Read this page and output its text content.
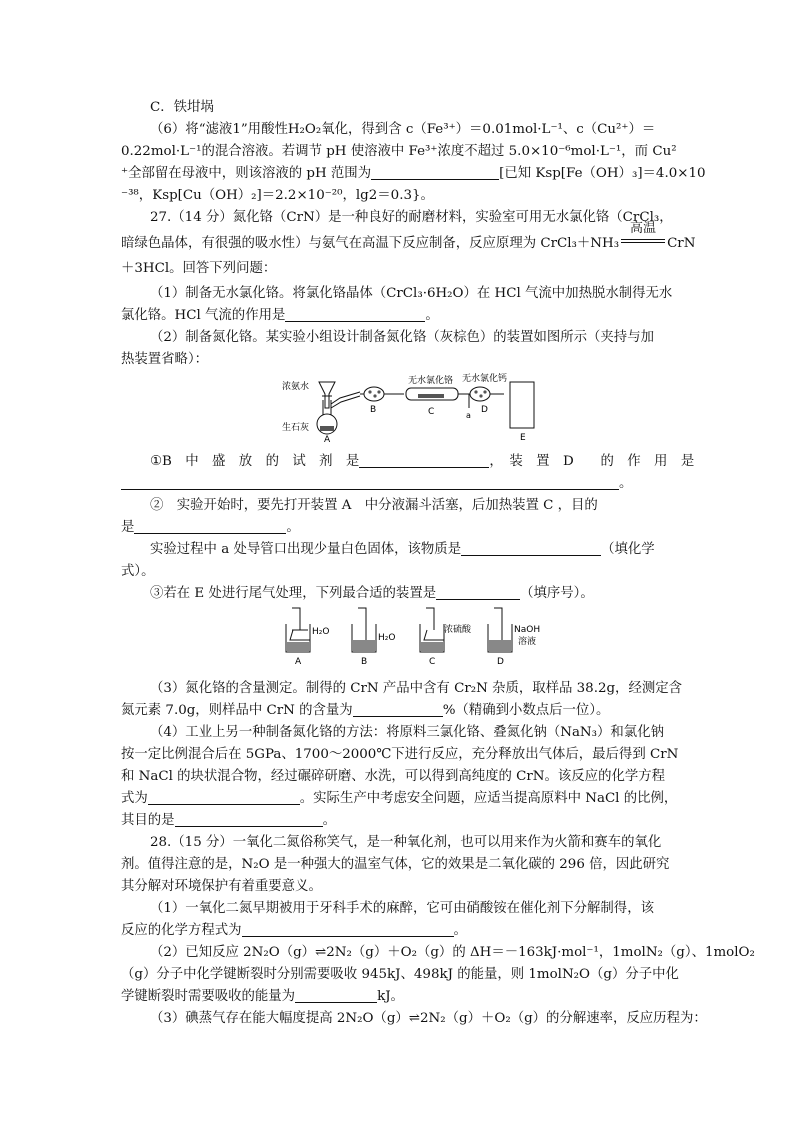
C．铁坩埚
（6）将“滤液1”用酸性H₂O₂氧化，得到含 c（Fe³⁺）＝0.01mol·L⁻¹、c（Cu²⁺）＝
0.22mol·L⁻¹的混合溶液。若调节 pH 使溶液中 Fe³⁺浓度不超过 5.0×10⁻⁶mol·L⁻¹，而 Cu²
⁺全部留在母液中，则该溶液的 pH 范围为	[已知 Ksp[Fe（OH）₃]＝4.0×10
⁻³⁸，Ksp[Cu（OH）₂]＝2.2×10⁻²⁰，lg2＝0.3}。
27.（14 分）氮化铬（CrN）是一种良好的耐磨材料，实验室可用无水氯化铬（CrCl₃，
暗绿色晶体，有很强的吸水性）与氨气在高温下反应制备，反应原理为 CrCl₃＋NH₃
高温
CrN
＋3HCl。回答下列问题：
（1）制备无水氯化铬。将氯化铬晶体（CrCl₃·6H₂O）在 HCl 气流中加热脱水制得无水
氯化铬。HCl 气流的作用是	。
（2）制备氮化铬。某实验小组设计制备氮化铬（灰棕色）的装置如图所示（夹持与加
热装置省略）：
浓氨水
生石灰
A
B	C	D
E
a
无水氯化铬 无水氯化钙
①B　中　盛　放　的　试　剂　是	，　装　置　D　　的　作　用　是
。
②　实验开始时，要先打开装置 A　中分液漏斗活塞，后加热装置 C ，目的
是	。
实验过程中 a 处导管口出现少量白色固体，该物质是	（填化学
式）。
③若在 E 处进行尾气处理，下列最合适的装置是	（填序号）。
H₂O
H₂O
浓硫酸	NaOH
溶液
A	B	C	D
（3）氮化铬的含量测定。制得的 CrN 产品中含有 Cr₂N 杂质，取样品 38.2g，经测定含
氮元素 7.0g，则样品中 CrN 的含量为	%（精确到小数点后一位）。
（4）工业上另一种制备氮化铬的方法：将原料三氯化铬、叠氮化钠（NaN₃）和氯化钠
按一定比例混合后在 5GPa、1700～2000℃下进行反应，充分释放出气体后，最后得到 CrN
和 NaCl 的块状混合物，经过碾碎研磨、水洗，可以得到高纯度的 CrN。该反应的化学方程
式为	。实际生产中考虑安全问题，应适当提高原料中 NaCl 的比例，
其目的是	。
28.（15 分）一氧化二氮俗称笑气，是一种氧化剂，也可以用来作为火箭和赛车的氧化
剂。值得注意的是，N₂O 是一种强大的温室气体，它的效果是二氧化碳的 296 倍，因此研究
其分解对环境保护有着重要意义。
（1）一氧化二氮早期被用于牙科手术的麻醉，它可由硝酸铵在催化剂下分解制得，该
反应的化学方程式为	。
（2）已知反应 2N₂O（g）⇌2N₂（g）＋O₂（g）的 ΔH＝－163kJ·mol⁻¹，1molN₂（g）、1molO₂
（g）分子中化学键断裂时分别需要吸收 945kJ、498kJ 的能量，则 1molN₂O（g）分子中化
学键断裂时需要吸收的能量为	kJ。
（3）碘蒸气存在能大幅度提高 2N₂O（g）⇌2N₂（g）＋O₂（g）的分解速率，反应历程为：
